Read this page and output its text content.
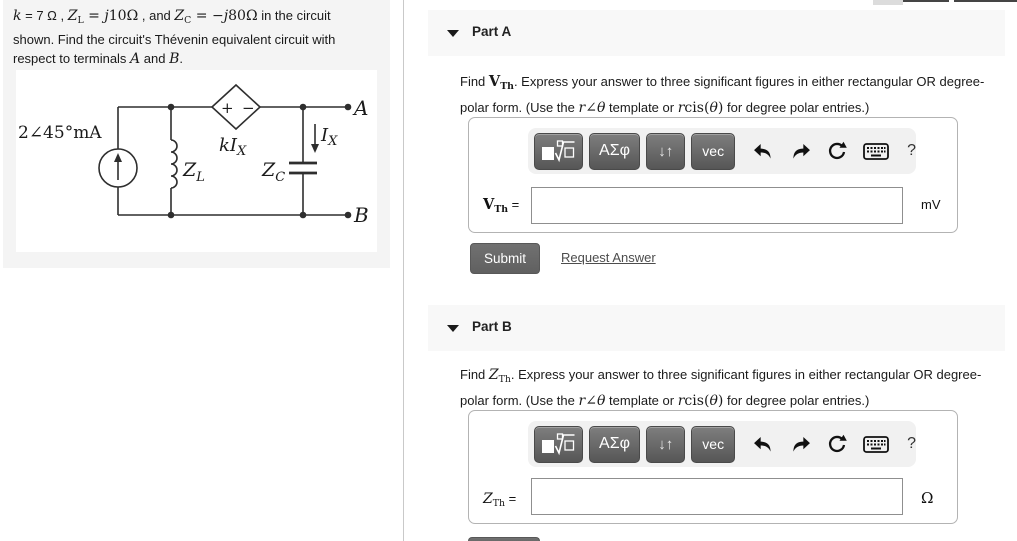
k = 7 Ω , $Z_L = j10\Omega$ , and $Z_C = -j80\Omega$ in the circuit
shown. Find the circuit's Thévenin equivalent circuit with
respect to terminals A and B.
2∠45°mA
+ −
$kI_X$
$Z_L$	$Z_C$
$I_X$
A
B
Part A
Find $V_{Th}$. Express your answer to three significant figures in either rectangular OR degree-
polar form. (Use the r∠θ template or rcis(θ) for degree polar entries.)
ΑΣφ	↓↑	vec	?
$V_{Th}$ =	mV
Submit	Request Answer
Part B
Find $Z_{Th}$. Express your answer to three significant figures in either rectangular OR degree-
polar form. (Use the r∠θ template or rcis(θ) for degree polar entries.)
ΑΣφ	↓↑	vec	?
$Z_{Th}$ =	Ω
